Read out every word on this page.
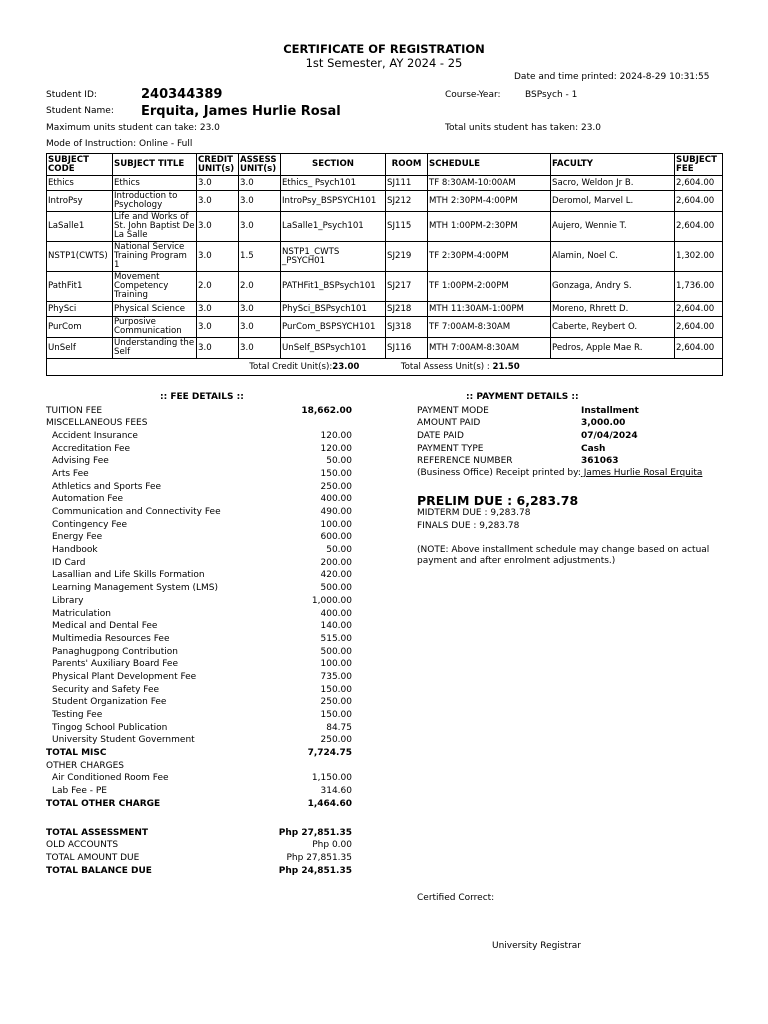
CERTIFICATE OF REGISTRATION
1st Semester, AY 2024 - 25
Date and time printed: 2024-8-29 10:31:55
Student ID:	240344389	Course-Year:	BSPsych - 1
Student Name: Erquita, James Hurlie Rosal
Maximum units student can take: 23.0	Total units student has taken: 23.0
Mode of Instruction: Online - Full
SUBJECT CODE	SUBJECT TITLE	CREDIT UNIT(s)	ASSESS UNIT(s)	SECTION	ROOM	SCHEDULE	FACULTY	SUBJECT FEE
Ethics	Ethics	3.0	3.0	Ethics_ Psych101	SJ111	TF 8:30AM-10:00AM	Sacro, Weldon Jr B.	2,604.00
IntroPsy	Introduction to Psychology	3.0	3.0	IntroPsy_BSPSYCH101	SJ212	MTH 2:30PM-4:00PM	Deromol, Marvel L.	2,604.00
LaSalle1	Life and Works of St. John Baptist De La Salle	3.0	3.0	LaSalle1_Psych101	SJ115	MTH 1:00PM-2:30PM	Aujero, Wennie T.	2,604.00
NSTP1(CWTS)	National Service Training Program 1	3.0	1.5	NSTP1_CWTS _PSYCH01	SJ219	TF 2:30PM-4:00PM	Alamin, Noel C.	1,302.00
PathFit1	Movement Competency Training	2.0	2.0	PATHFit1_BSPsych101	SJ217	TF 1:00PM-2:00PM	Gonzaga, Andry S.	1,736.00
PhySci	Physical Science	3.0	3.0	PhySci_BSPsych101	SJ218	MTH 11:30AM-1:00PM	Moreno, Rhrett D.	2,604.00
PurCom	Purposive Communication	3.0	3.0	PurCom_BSPSYCH101	SJ318	TF 7:00AM-8:30AM	Caberte, Reybert O.	2,604.00
UnSelf	Understanding the Self	3.0	3.0	UnSelf_BSPsych101	SJ116	MTH 7:00AM-8:30AM	Pedros, Apple Mae R.	2,604.00
Total Credit Unit(s):23.00 Total Assess Unit(s) : 21.50								
:: FEE DETAILS ::
TUITION FEE	18,662.00
MISCELLANEOUS FEES
Accident Insurance	120.00
Accreditation Fee	120.00
Advising Fee	50.00
Arts Fee	150.00
Athletics and Sports Fee	250.00
Automation Fee	400.00
Communication and Connectivity Fee	490.00
Contingency Fee	100.00
Energy Fee	600.00
Handbook	50.00
ID Card	200.00
Lasallian and Life Skills Formation	420.00
Learning Management System (LMS)	500.00
Library	1,000.00
Matriculation	400.00
Medical and Dental Fee	140.00
Multimedia Resources Fee	515.00
Panaghugpong Contribution	500.00
Parents' Auxiliary Board Fee	100.00
Physical Plant Development Fee	735.00
Security and Safety Fee	150.00
Student Organization Fee	250.00
Testing Fee	150.00
Tingog School Publication	84.75
University Student Government	250.00
TOTAL MISC	7,724.75
OTHER CHARGES
Air Conditioned Room Fee	1,150.00
Lab Fee - PE	314.60
TOTAL OTHER CHARGE	1,464.60
TOTAL ASSESSMENT	Php 27,851.35
OLD ACCOUNTS	Php 0.00
TOTAL AMOUNT DUE	Php 27,851.35
TOTAL BALANCE DUE	Php 24,851.35
:: PAYMENT DETAILS ::
PAYMENT MODE	Installment
AMOUNT PAID	3,000.00
DATE PAID	07/04/2024
PAYMENT TYPE	Cash
REFERENCE NUMBER	361063
(Business Office) Receipt printed by: James Hurlie Rosal Erquita
PRELIM DUE : 6,283.78
MIDTERM DUE : 9,283.78
FINALS DUE : 9,283.78
(NOTE: Above installment schedule may change based on actual payment and after enrolment adjustments.)
Certified Correct:
University Registrar
